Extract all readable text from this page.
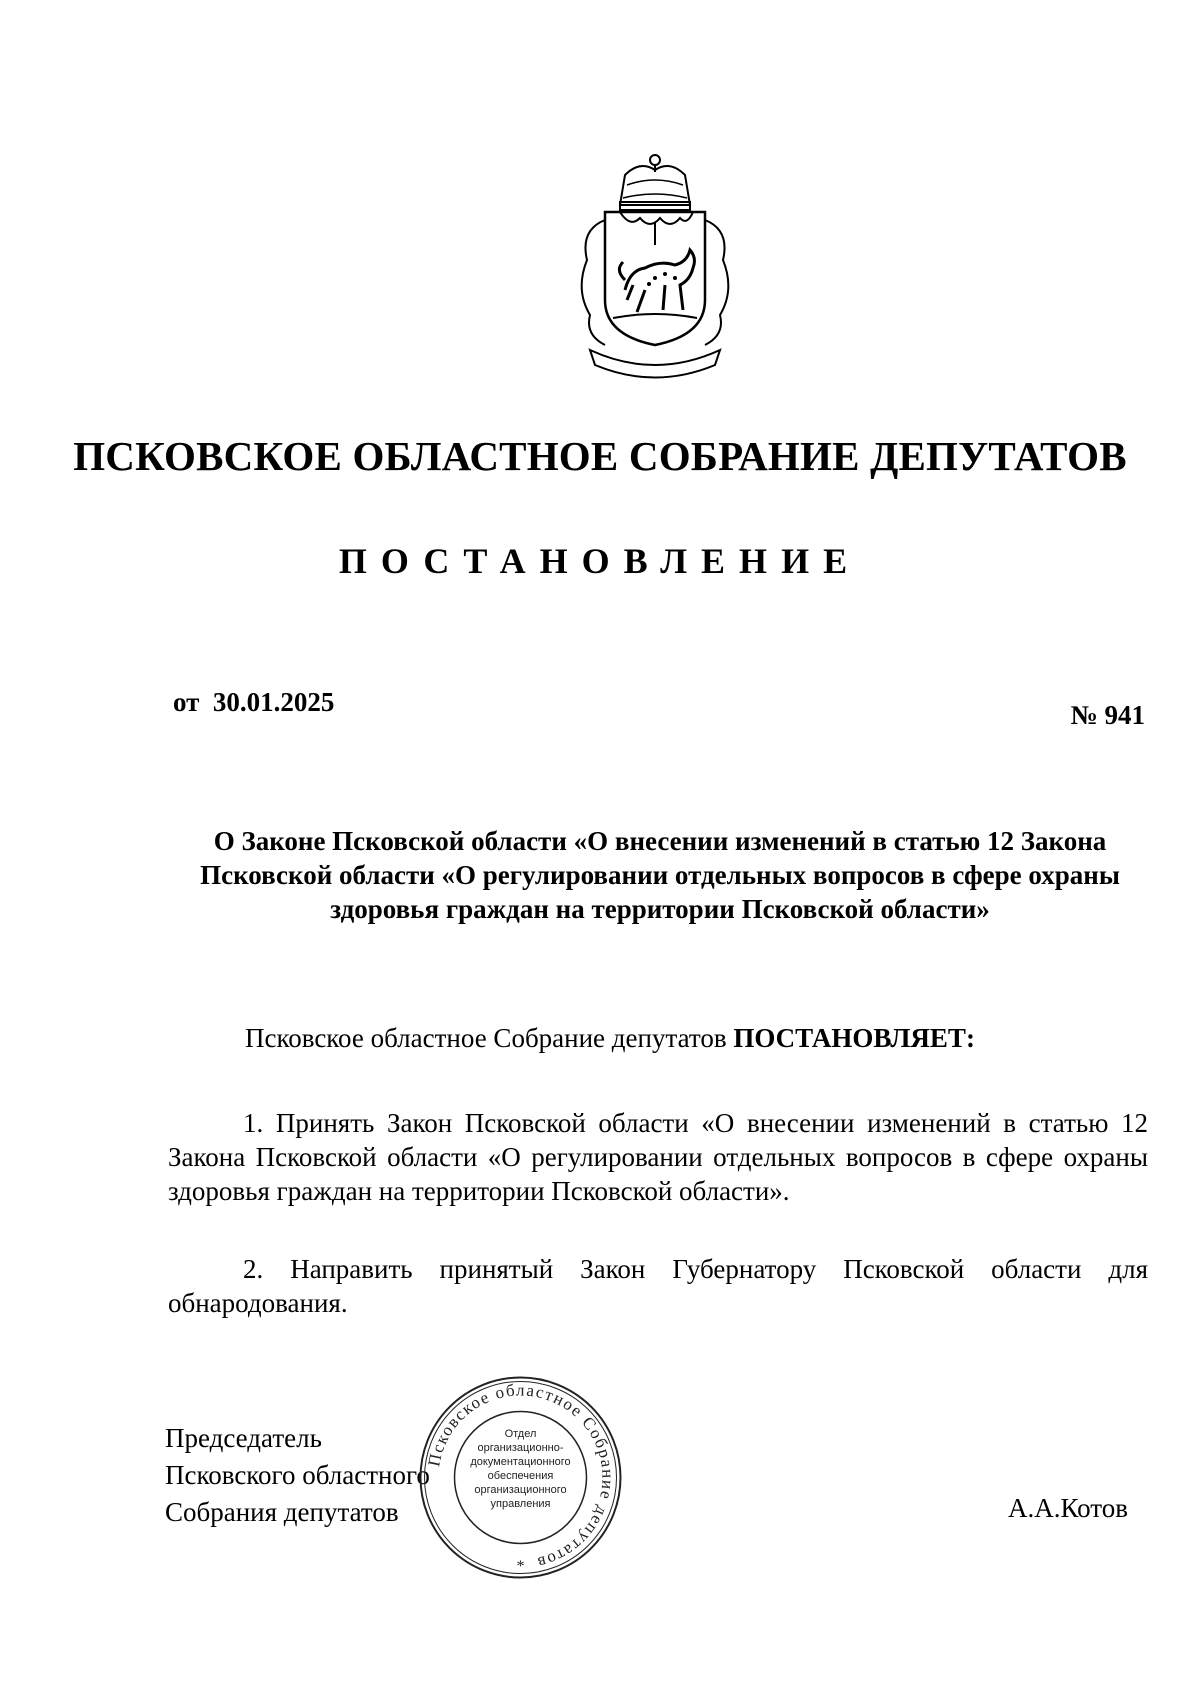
ПСКОВСКОЕ ОБЛАСТНОЕ СОБРАНИЕ ДЕПУТАТОВ
ПОСТАНОВЛЕНИЕ
от  30.01.2025	№ 941
О Законе Псковской области «О внесении изменений в статью 12 Закона Псковской области «О регулировании отдельных вопросов в сфере охраны здоровья граждан на территории Псковской области»
Псковское областное Собрание депутатов ПОСТАНОВЛЯЕТ:
1. Принять Закон Псковской области «О внесении изменений в статью 12 Закона Псковской области «О регулировании отдельных вопросов в сфере охраны здоровья граждан на территории Псковской области».
2. Направить принятый Закон Губернатору Псковской области для обнародования.
Председатель
Псковского областного
Собрания депутатов	А.А.Котов
Псковское областное Собрание депутатов
Отдел
организационно-
документационного
обеспечения
организационного
управления
*
